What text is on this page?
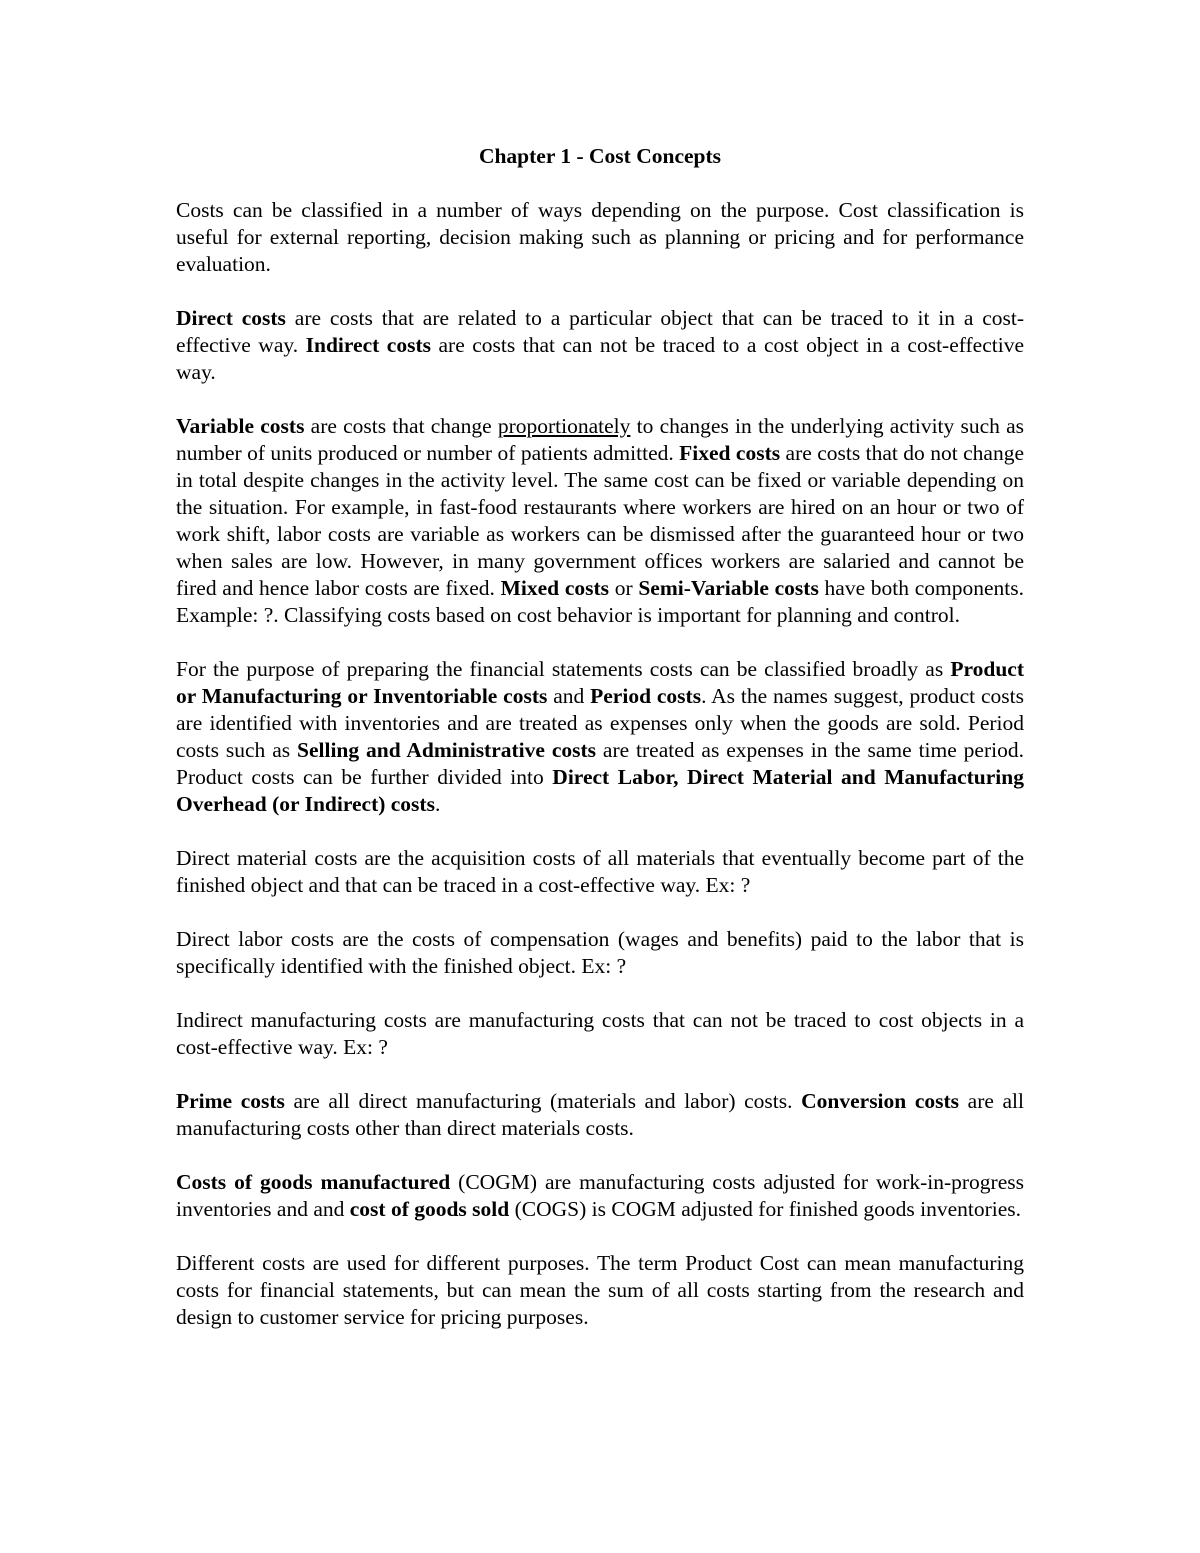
Chapter 1 - Cost Concepts

Costs can be classified in a number of ways depending on the purpose. Cost classification is useful for external reporting, decision making such as planning or pricing and for performance evaluation.

Direct costs are costs that are related to a particular object that can be traced to it in a cost-effective way. Indirect costs are costs that can not be traced to a cost object in a cost-effective way.

Variable costs are costs that change proportionately to changes in the underlying activity such as number of units produced or number of patients admitted. Fixed costs are costs that do not change in total despite changes in the activity level. The same cost can be fixed or variable depending on the situation. For example, in fast-food restaurants where workers are hired on an hour or two of work shift, labor costs are variable as workers can be dismissed after the guaranteed hour or two when sales are low. However, in many government offices workers are salaried and cannot be fired and hence labor costs are fixed. Mixed costs or Semi-Variable costs have both components. Example: ?. Classifying costs based on cost behavior is important for planning and control.

For the purpose of preparing the financial statements costs can be classified broadly as Product or Manufacturing or Inventoriable costs and Period costs. As the names suggest, product costs are identified with inventories and are treated as expenses only when the goods are sold. Period costs such as Selling and Administrative costs are treated as expenses in the same time period. Product costs can be further divided into Direct Labor, Direct Material and Manufacturing Overhead (or Indirect) costs.

Direct material costs are the acquisition costs of all materials that eventually become part of the finished object and that can be traced in a cost-effective way. Ex: ?

Direct labor costs are the costs of compensation (wages and benefits) paid to the labor that is specifically identified with the finished object. Ex: ?

Indirect manufacturing costs are manufacturing costs that can not be traced to cost objects in a cost-effective way. Ex: ?

Prime costs are all direct manufacturing (materials and labor) costs. Conversion costs are all manufacturing costs other than direct materials costs.

Costs of goods manufactured (COGM) are manufacturing costs adjusted for work-in-progress inventories and and cost of goods sold (COGS) is COGM adjusted for finished goods inventories.

Different costs are used for different purposes. The term Product Cost can mean manufacturing costs for financial statements, but can mean the sum of all costs starting from the research and design to customer service for pricing purposes.
